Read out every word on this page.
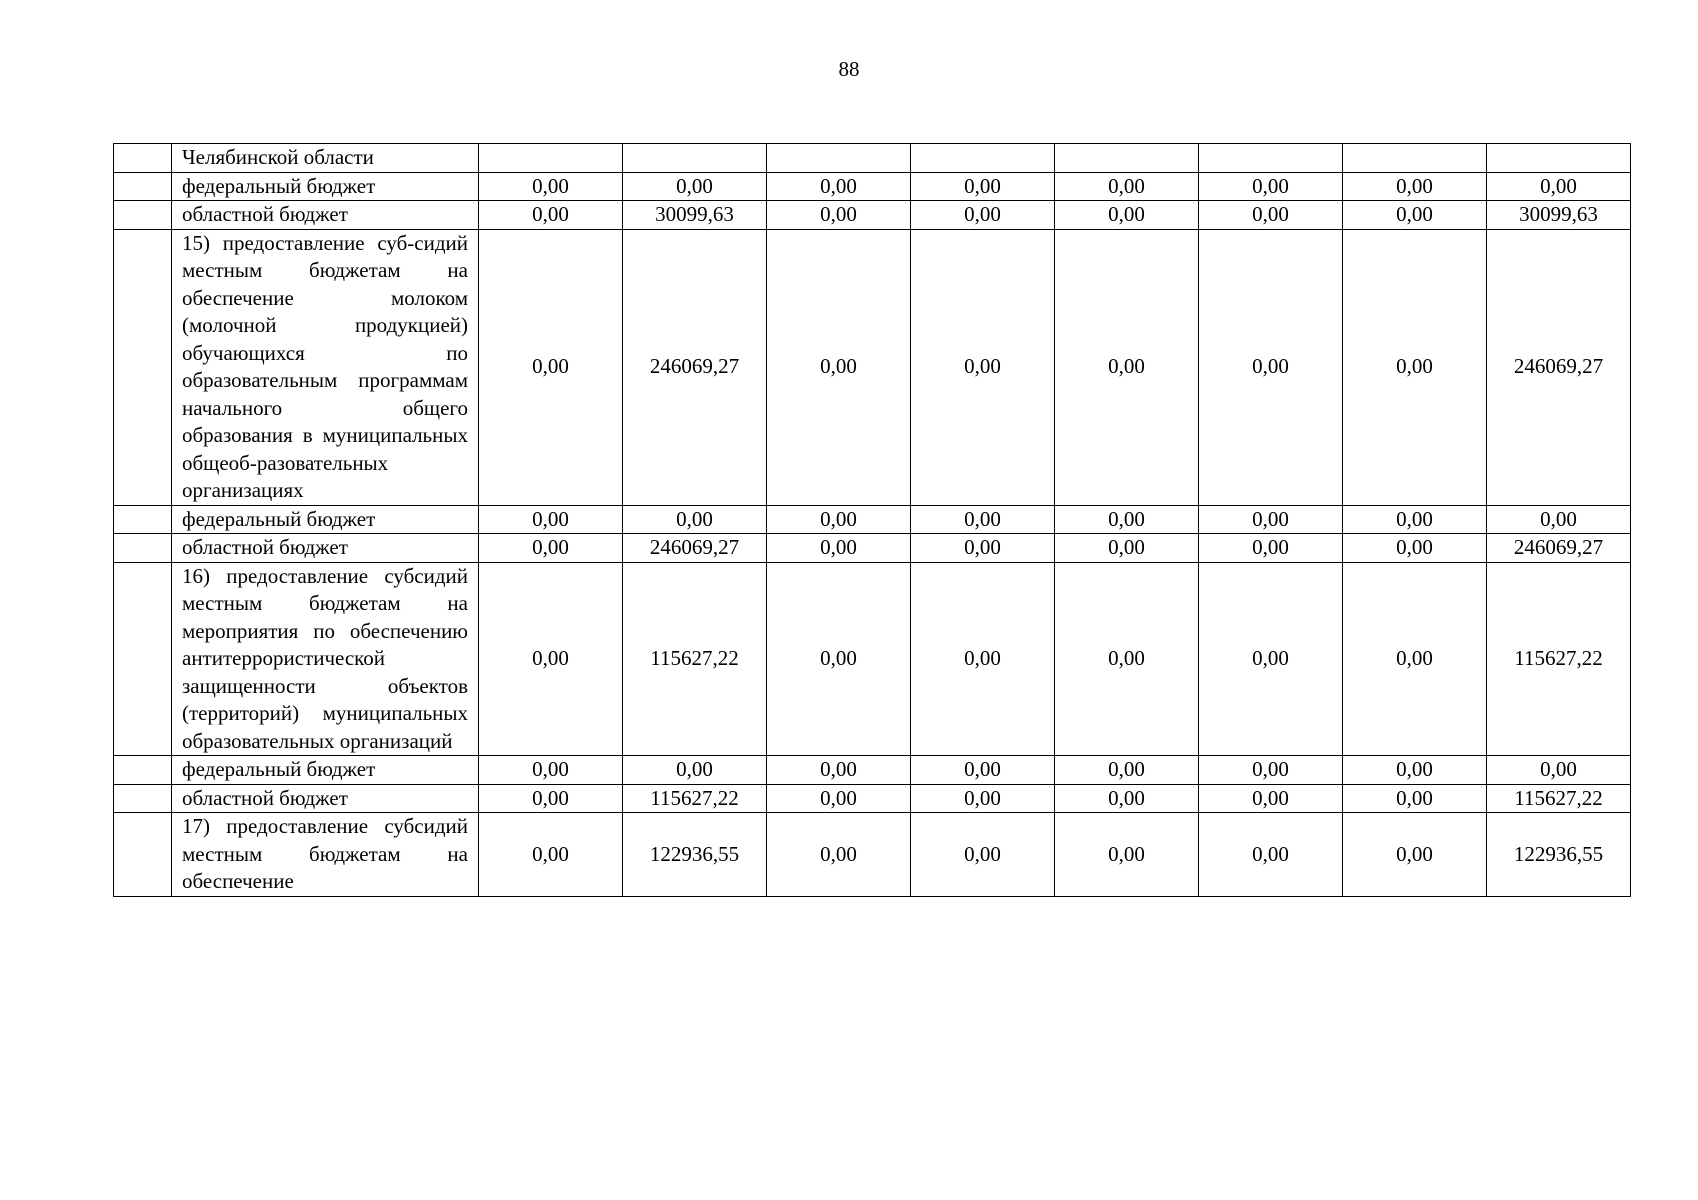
88
	Челябинской области								
	федеральный бюджет	0,00	0,00	0,00	0,00	0,00	0,00	0,00	0,00
	областной бюджет	0,00	30099,63	0,00	0,00	0,00	0,00	0,00	30099,63
	15) предоставление суб-сидий местным бюджетам на обеспечение молоком (молочной продукцией) обучающихся по образовательным программам начального общего образования в муниципальных общеоб-разовательных организациях	0,00	246069,27	0,00	0,00	0,00	0,00	0,00	246069,27
	федеральный бюджет	0,00	0,00	0,00	0,00	0,00	0,00	0,00	0,00
	областной бюджет	0,00	246069,27	0,00	0,00	0,00	0,00	0,00	246069,27
	16) предоставление субсидий местным бюджетам на мероприятия по обеспечению антитеррористической защищенности объектов (территорий) муниципальных образовательных организаций	0,00	115627,22	0,00	0,00	0,00	0,00	0,00	115627,22
	федеральный бюджет	0,00	0,00	0,00	0,00	0,00	0,00	0,00	0,00
	областной бюджет	0,00	115627,22	0,00	0,00	0,00	0,00	0,00	115627,22
	17) предоставление субсидий местным бюджетам на обеспечение	0,00	122936,55	0,00	0,00	0,00	0,00	0,00	122936,55
